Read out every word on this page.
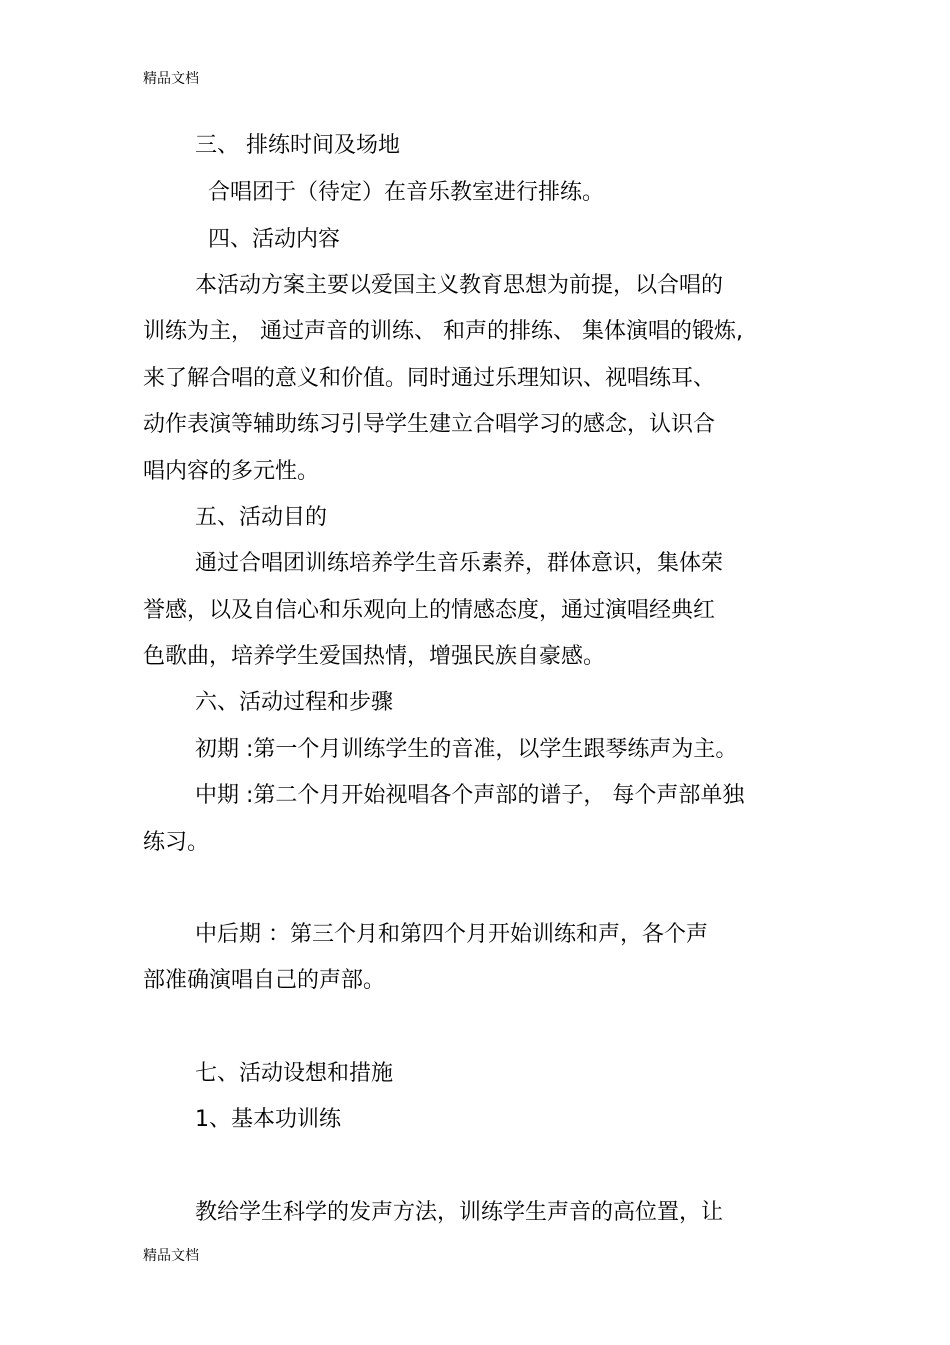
精品文档
三、 排练时间及场地
合唱团于（待定）在音乐教室进行排练。
四、活动内容
本活动方案主要以爱国主义教育思想为前提，以合唱的
训练为主， 通过声音的训练、 和声的排练、 集体演唱的锻炼,
来了解合唱的意义和价值。同时通过乐理知识、视唱练耳、
动作表演等辅助练习引导学生建立合唱学习的感念，认识合
唱内容的多元性。
五、活动目的
通过合唱团训练培养学生音乐素养，群体意识，集体荣
誉感，以及自信心和乐观向上的情感态度，通过演唱经典红
色歌曲，培养学生爱国热情，增强民族自豪感。
六、活动过程和步骤
初期 :第一个月训练学生的音准，以学生跟琴练声为主。
中期 :第二个月开始视唱各个声部的谱子， 每个声部单独
练习。
中后期 ：第三个月和第四个月开始训练和声，各个声
部准确演唱自己的声部。
七、活动设想和措施
1、基本功训练
教给学生科学的发声方法，训练学生声音的高位置，让
精品文档
